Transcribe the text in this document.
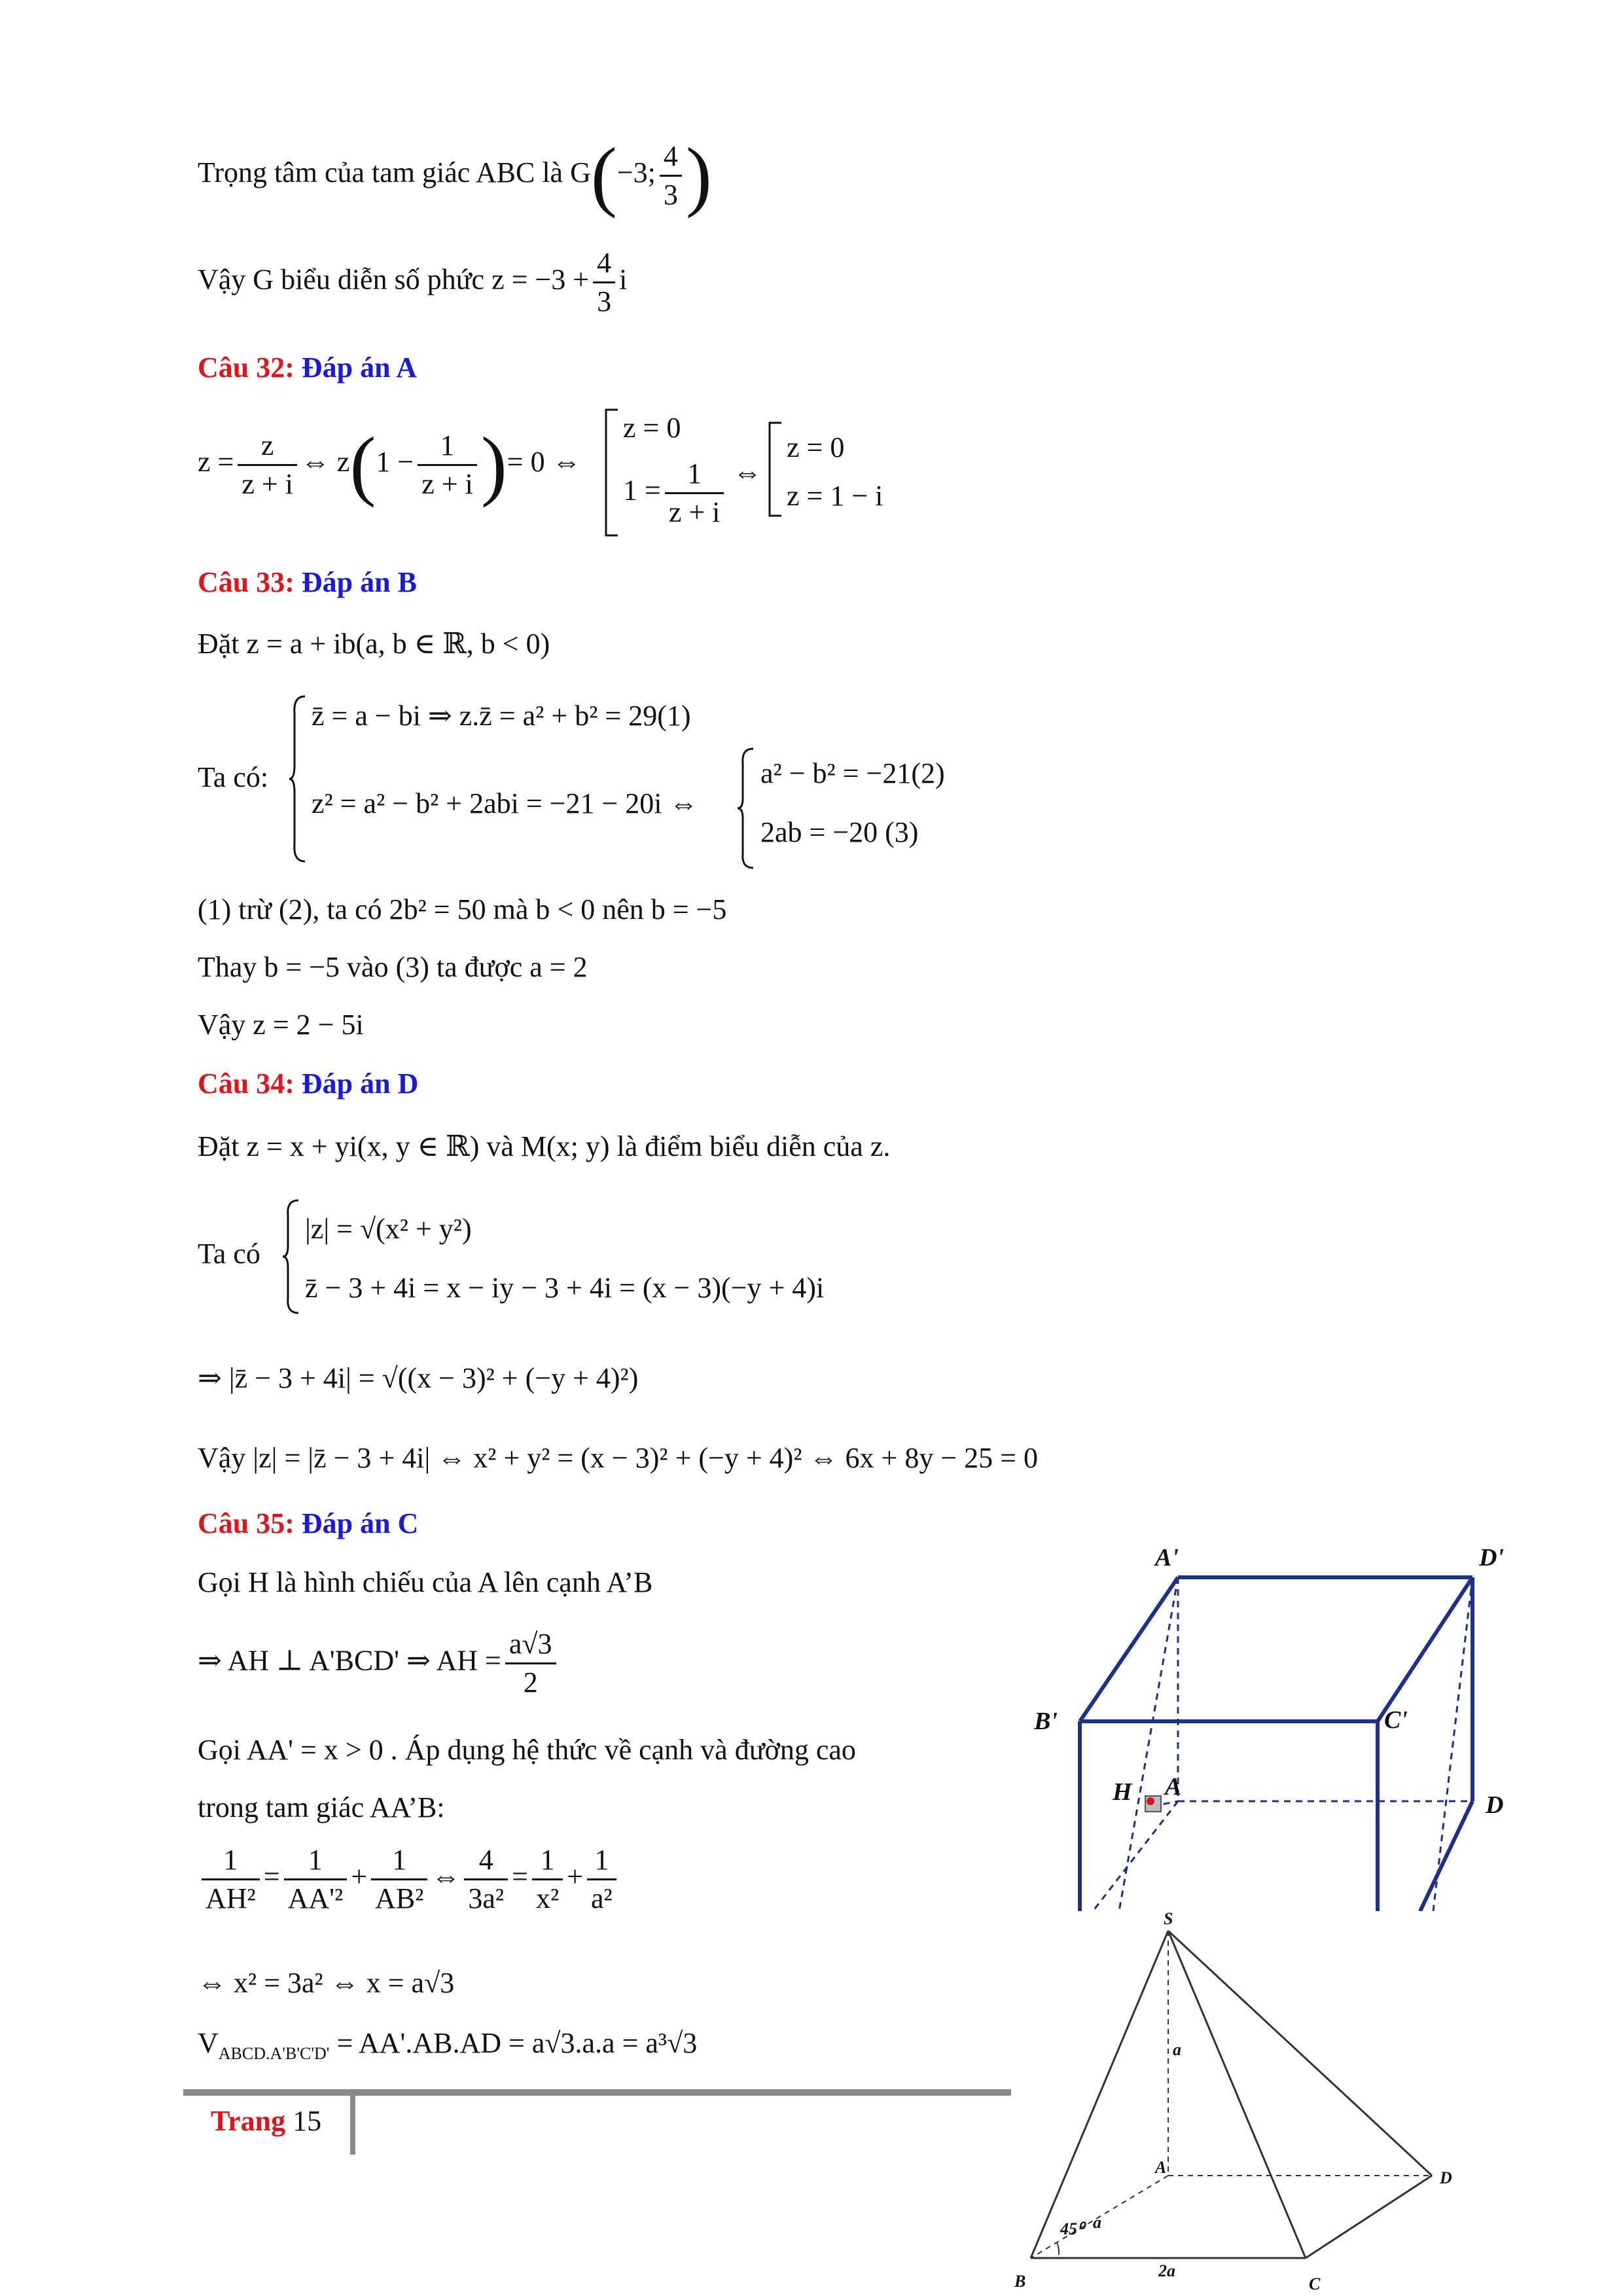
Trọng tâm của tam giác ABC là G(−3; $\frac{4}{3}$ )
Vậy G biểu diễn số phức $z = -3 + \frac{4}{3}$ i
Câu 32: Đáp án A
$z = \frac{z}{z + i}$ ⇔ $z(1 - \frac{1}{z + i}$ )= 0 ⇔
z = 0
$1 = \frac{1}{z + i}$ ⇔
z = 0
z = 1 − i
Câu 33: Đáp án B
Đặt z = a + ib(a, b ∈ ℝ, b < 0)
Ta có:
z̄ = a − bi ⇒ z.z̄ = a² + b² = 29(1)
z² = a² − b² + 2abi = −21 − 20i ⇔
a² − b² = −21(2)
2ab = −20 (3)
(1) trừ (2), ta có 2b² = 50 mà b < 0 nên b = −5
Thay b = −5 vào (3) ta được a = 2
Vậy z = 2 − 5i
Câu 34: Đáp án D
Đặt z = x + yi(x, y ∈ ℝ) và M(x; y) là điểm biểu diễn của z.
Ta có
|z| = √(x² + y²)
z̄ − 3 + 4i = x − iy − 3 + 4i = (x − 3)(−y + 4)i
⇒ |z̄ − 3 + 4i| = √((x − 3)² + (−y + 4)²)
Vậy |z| = |z̄ − 3 + 4i| ⇔ x² + y² = (x − 3)² + (−y + 4)² ⇔ 6x + 8y − 25 = 0
Câu 35: Đáp án C
Gọi H là hình chiếu của A lên cạnh A’B
⇒ AH ⊥ A'BCD' ⇒ AH = $\frac{a√3}{2}$
Gọi AA' = x > 0 . Áp dụng hệ thức về cạnh và đường cao
trong tam giác AA’B:
$\frac{1}{\text{AH²}} = \frac{1}{\text{AA'²}} + \frac{1}{\text{AB²}}$ ⇔ $\frac{4}{\text{3a²}} = \frac{1}{\text{x²}} + \frac{1}{\text{a²}}$
⇔ x² = 3a² ⇔ x = a√3
$V_{ABCD.A'B'C'D'} = AA'.AB.AD = a√3.a.a = a^3√3$
A'	D'
B'	C'
H A
D
S
a
A
D
45⁰ a
B
2a
C
Trang 15
